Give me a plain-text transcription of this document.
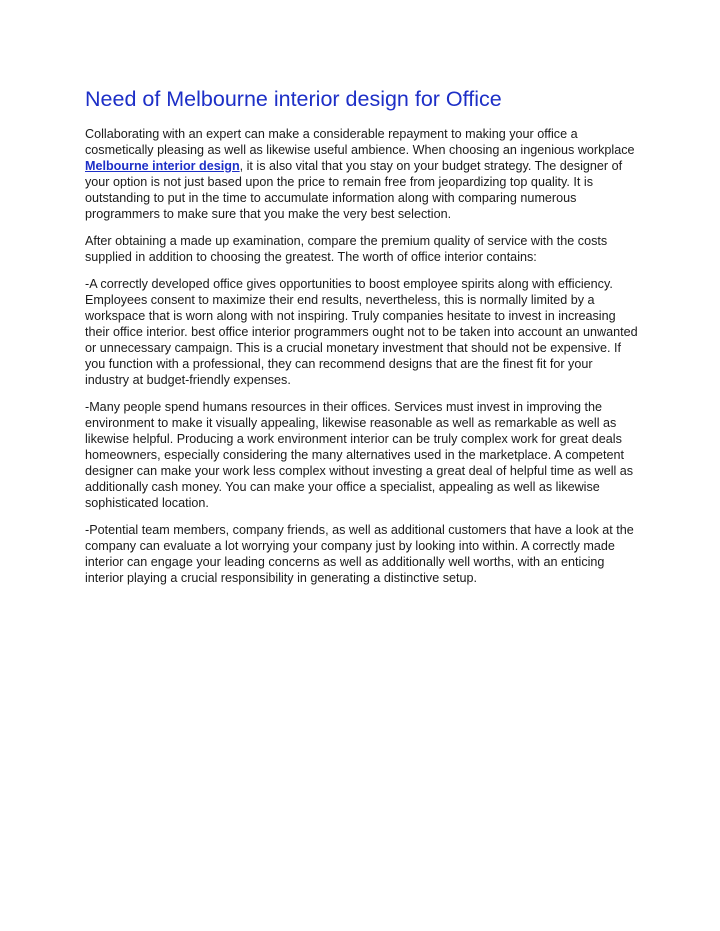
Need of Melbourne interior design for Office

Collaborating with an expert can make a considerable repayment to making your office a cosmetically pleasing as well as likewise useful ambience. When choosing an ingenious workplace Melbourne interior design, it is also vital that you stay on your budget strategy. The designer of your option is not just based upon the price to remain free from jeopardizing top quality. It is outstanding to put in the time to accumulate information along with comparing numerous programmers to make sure that you make the very best selection.

After obtaining a made up examination, compare the premium quality of service with the costs supplied in addition to choosing the greatest. The worth of office interior contains:

-A correctly developed office gives opportunities to boost employee spirits along with efficiency. Employees consent to maximize their end results, nevertheless, this is normally limited by a workspace that is worn along with not inspiring. Truly companies hesitate to invest in increasing their office interior. best office interior programmers ought not to be taken into account an unwanted or unnecessary campaign. This is a crucial monetary investment that should not be expensive. If you function with a professional, they can recommend designs that are the finest fit for your industry at budget-friendly expenses.

-Many people spend humans resources in their offices. Services must invest in improving the environment to make it visually appealing, likewise reasonable as well as remarkable as well as likewise helpful. Producing a work environment interior can be truly complex work for great deals homeowners, especially considering the many alternatives used in the marketplace. A competent designer can make your work less complex without investing a great deal of helpful time as well as additionally cash money. You can make your office a specialist, appealing as well as likewise sophisticated location.

-Potential team members, company friends, as well as additional customers that have a look at the company can evaluate a lot worrying your company just by looking into within. A correctly made interior can engage your leading concerns as well as additionally well worths, with an enticing interior playing a crucial responsibility in generating a distinctive setup.
